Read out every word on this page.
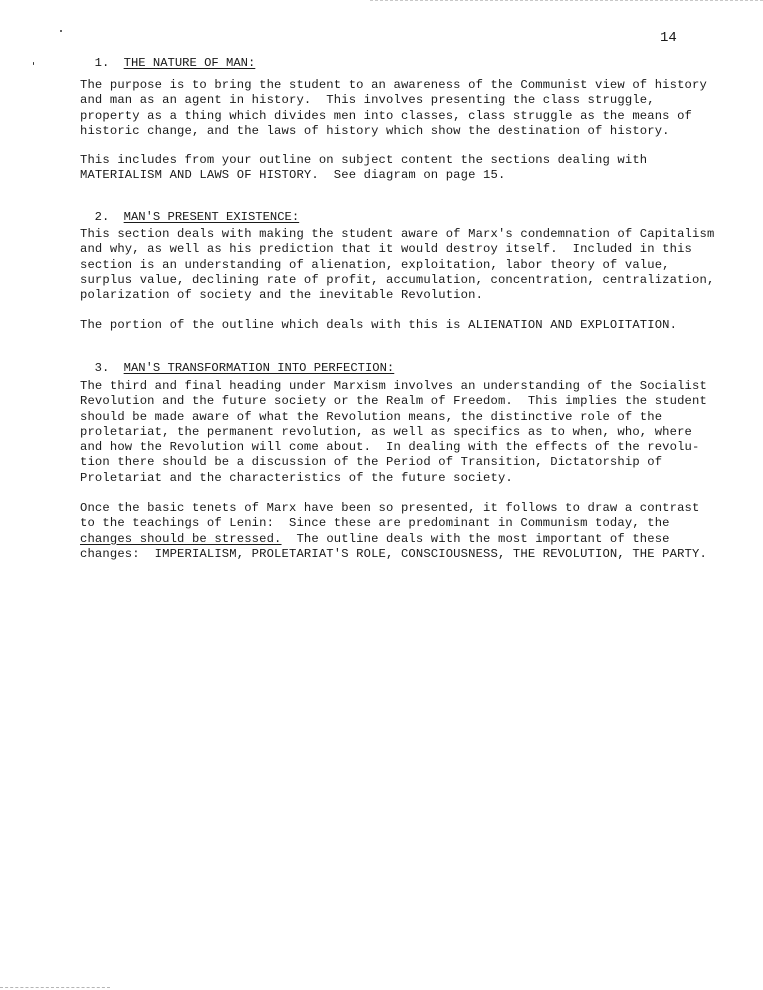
14

1. THE NATURE OF MAN:

The purpose is to bring the student to an awareness of the Communist view of history
and man as an agent in history.  This involves presenting the class struggle,
property as a thing which divides men into classes, class struggle as the means of
historic change, and the laws of history which show the destination of history.
This includes from your outline on subject content the sections dealing with
MATERIALISM AND LAWS OF HISTORY.  See diagram on page 15.

2. MAN'S PRESENT EXISTENCE:

This section deals with making the student aware of Marx's condemnation of Capitalism
and why, as well as his prediction that it would destroy itself.  Included in this
section is an understanding of alienation, exploitation, labor theory of value,
surplus value, declining rate of profit, accumulation, concentration, centralization,
polarization of society and the inevitable Revolution.
The portion of the outline which deals with this is ALIENATION AND EXPLOITATION.

3. MAN'S TRANSFORMATION INTO PERFECTION:

The third and final heading under Marxism involves an understanding of the Socialist
Revolution and the future society or the Realm of Freedom.  This implies the student
should be made aware of what the Revolution means, the distinctive role of the
proletariat, the permanent revolution, as well as specifics as to when, who, where
and how the Revolution will come about.  In dealing with the effects of the revolu-
tion there should be a discussion of the Period of Transition, Dictatorship of
Proletariat and the characteristics of the future society.
Once the basic tenets of Marx have been so presented, it follows to draw a contrast
to the teachings of Lenin:  Since these are predominant in Communism today, the
changes should be stressed.  The outline deals with the most important of these
changes:  IMPERIALISM, PROLETARIAT'S ROLE, CONSCIOUSNESS, THE REVOLUTION, THE PARTY.
